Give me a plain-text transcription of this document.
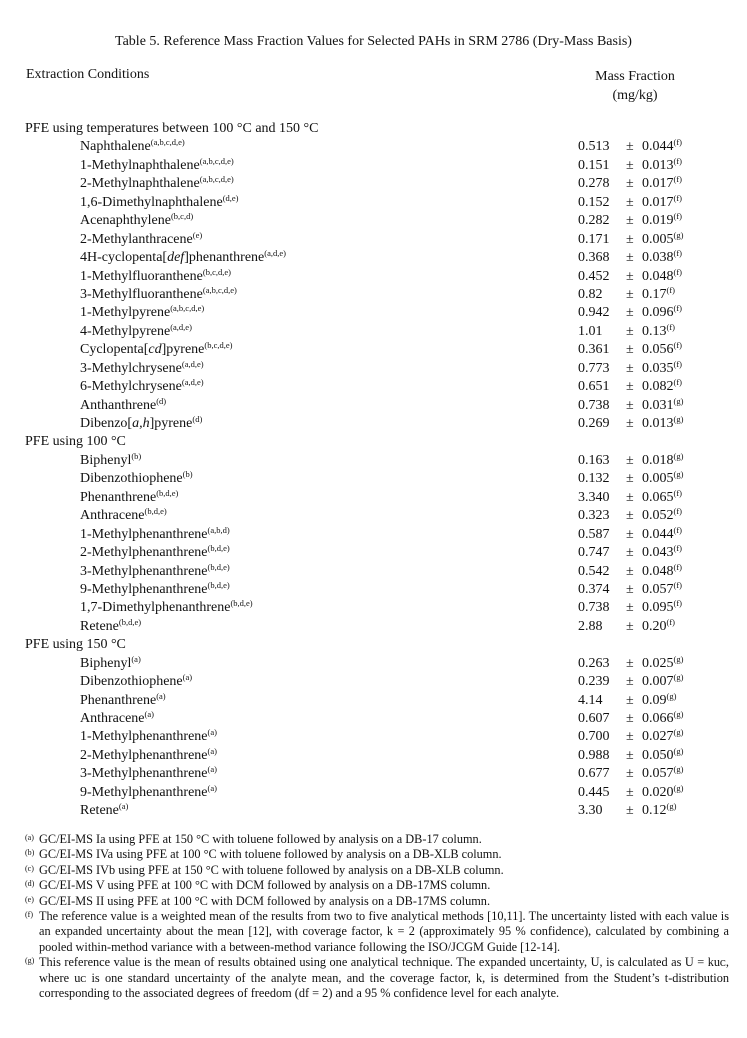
Table 5. Reference Mass Fraction Values for Selected PAHs in SRM 2786 (Dry-Mass Basis)
Extraction Conditions	Mass Fraction
(mg/kg)
PFE using temperatures between 100 °C and 150 °C
Naphthalene$^{(a,b,c,d,e)}$	$0.513 \pm 0.044^{(f)}$
1-Methylnaphthalene$^{(a,b,c,d,e)}$	$0.151 \pm 0.013^{(f)}$
2-Methylnaphthalene$^{(a,b,c,d,e)}$	$0.278 \pm 0.017^{(f)}$
1,6-Dimethylnaphthalene$^{(d,e)}$	$0.152 \pm 0.017^{(f)}$
Acenaphthylene$^{(b,c,d)}$	$0.282 \pm 0.019^{(f)}$
2-Methylanthracene$^{(e)}$	$0.171 \pm 0.005^{(g)}$
4H-cyclopenta[def]phenanthrene$^{(a,d,e)}$	$0.368 \pm 0.038^{(f)}$
1-Methylfluoranthene$^{(b,c,d,e)}$	$0.452 \pm 0.048^{(f)}$
3-Methylfluoranthene$^{(a,b,c,d,e)}$	$0.82 \pm 0.17^{(f)}$
1-Methylpyrene$^{(a,b,c,d,e)}$	$0.942 \pm 0.096^{(f)}$
4-Methylpyrene$^{(a,d,e)}$	$1.01 \pm 0.13^{(f)}$
Cyclopenta[cd]pyrene$^{(b,c,d,e)}$	$0.361 \pm 0.056^{(f)}$
3-Methylchrysene$^{(a,d,e)}$	$0.773 \pm 0.035^{(f)}$
6-Methylchrysene$^{(a,d,e)}$	$0.651 \pm 0.082^{(f)}$
Anthanthrene$^{(d)}$	$0.738 \pm 0.031^{(g)}$
Dibenzo[a,h]pyrene$^{(d)}$	$0.269 \pm 0.013^{(g)}$
PFE using 100 °C
Biphenyl$^{(b)}$	$0.163 \pm 0.018^{(g)}$
Dibenzothiophene$^{(b)}$	$0.132 \pm 0.005^{(g)}$
Phenanthrene$^{(b,d,e)}$	$3.340 \pm 0.065^{(f)}$
Anthracene$^{(b,d,e)}$	$0.323 \pm 0.052^{(f)}$
1-Methylphenanthrene$^{(a,b,d)}$	$0.587 \pm 0.044^{(f)}$
2-Methylphenanthrene$^{(b,d,e)}$	$0.747 \pm 0.043^{(f)}$
3-Methylphenanthrene$^{(b,d,e)}$	$0.542 \pm 0.048^{(f)}$
9-Methylphenanthrene$^{(b,d,e)}$	$0.374 \pm 0.057^{(f)}$
1,7-Dimethylphenanthrene$^{(b,d,e)}$	$0.738 \pm 0.095^{(f)}$
Retene$^{(b,d,e)}$	$2.88 \pm 0.20^{(f)}$
PFE using 150 °C
Biphenyl$^{(a)}$	$0.263 \pm 0.025^{(g)}$
Dibenzothiophene$^{(a)}$	$0.239 \pm 0.007^{(g)}$
Phenanthrene$^{(a)}$	$4.14 \pm 0.09^{(g)}$
Anthracene$^{(a)}$	$0.607 \pm 0.066^{(g)}$
1-Methylphenanthrene$^{(a)}$	$0.700 \pm 0.027^{(g)}$
2-Methylphenanthrene$^{(a)}$	$0.988 \pm 0.050^{(g)}$
3-Methylphenanthrene$^{(a)}$	$0.677 \pm 0.057^{(g)}$
9-Methylphenanthrene$^{(a)}$	$0.445 \pm 0.020^{(g)}$
Retene$^{(a)}$	$3.30 \pm 0.12^{(g)}$
(a) GC/EI-MS Ia using PFE at 150 °C with toluene followed by analysis on a DB-17 column.
(b) GC/EI-MS IVa using PFE at 100 °C with toluene followed by analysis on a DB-XLB column.
(c) GC/EI-MS IVb using PFE at 150 °C with toluene followed by analysis on a DB-XLB column.
(d) GC/EI-MS V using PFE at 100 °C with DCM followed by analysis on a DB-17MS column.
(e) GC/EI-MS II using PFE at 100 °C with DCM followed by analysis on a DB-17MS column.
(f) The reference value is a weighted mean of the results from two to five analytical methods [10,11]. The uncertainty listed with each value is an expanded uncertainty about the mean [12], with coverage factor, k = 2 (approximately 95 % confidence), calculated by combining a pooled within-method variance with a between-method variance following the ISO/JCGM Guide [12-14].
(g) This reference value is the mean of results obtained using one analytical technique. The expanded uncertainty, U, is calculated as U = kuᴄ, where uᴄ is one standard uncertainty of the analyte mean, and the coverage factor, k, is determined from the Student’s t-distribution corresponding to the associated degrees of freedom (df = 2) and a 95 % confidence level for each analyte.
